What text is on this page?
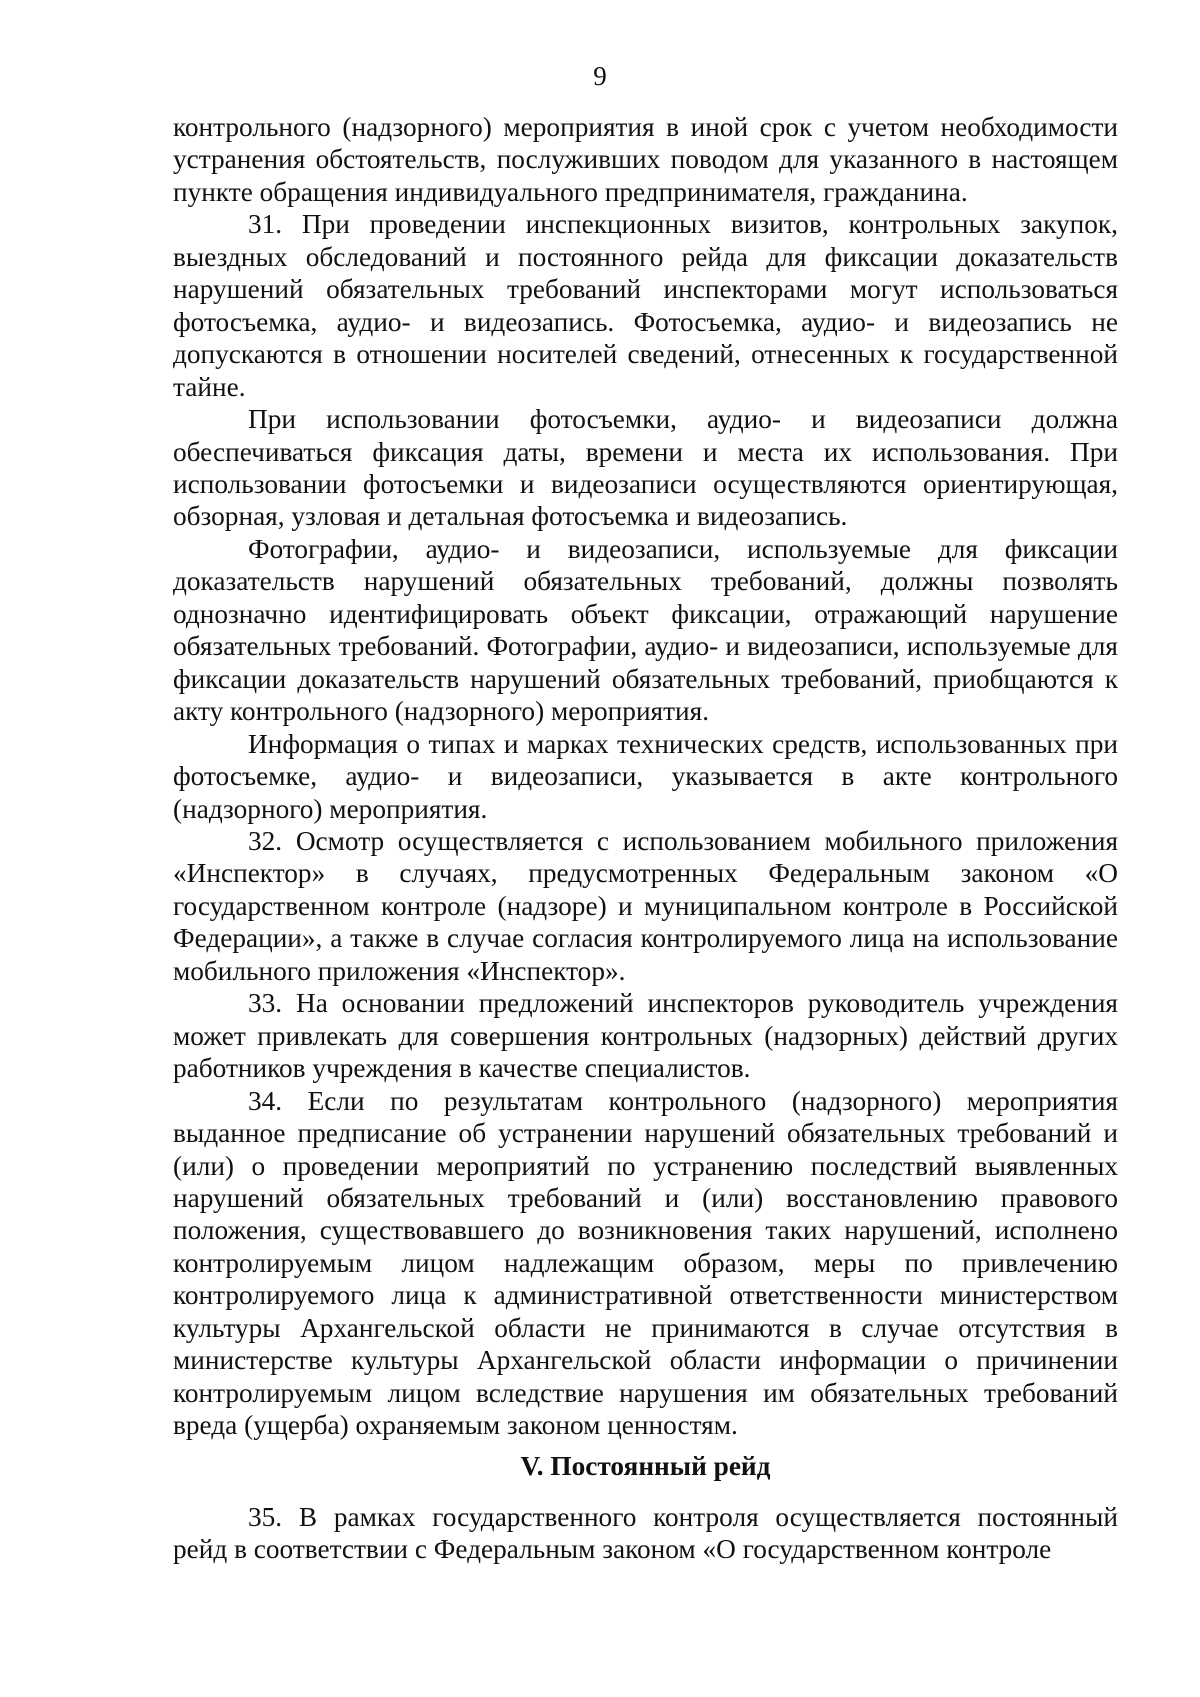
9

контрольного (надзорного) мероприятия в иной срок с учетом необходимости устранения обстоятельств, послуживших поводом для указанного в настоящем пункте обращения индивидуального предпринимателя, гражданина.

31. При проведении инспекционных визитов, контрольных закупок, выездных обследований и постоянного рейда для фиксации доказательств нарушений обязательных требований инспекторами могут использоваться фотосъемка, аудио- и видеозапись. Фотосъемка, аудио- и видеозапись не допускаются в отношении носителей сведений, отнесенных к государственной тайне.

При использовании фотосъемки, аудио- и видеозаписи должна обеспечиваться фиксация даты, времени и места их использования. При использовании фотосъемки и видеозаписи осуществляются ориентирующая, обзорная, узловая и детальная фотосъемка и видеозапись.

Фотографии, аудио- и видеозаписи, используемые для фиксации доказательств нарушений обязательных требований, должны позволять однозначно идентифицировать объект фиксации, отражающий нарушение обязательных требований. Фотографии, аудио- и видеозаписи, используемые для фиксации доказательств нарушений обязательных требований, приобщаются к акту контрольного (надзорного) мероприятия.

Информация о типах и марках технических средств, использованных при фотосъемке, аудио- и видеозаписи, указывается в акте контрольного (надзорного) мероприятия.

32. Осмотр осуществляется с использованием мобильного приложения «Инспектор» в случаях, предусмотренных Федеральным законом «О государственном контроле (надзоре) и муниципальном контроле в Российской Федерации», а также в случае согласия контролируемого лица на использование мобильного приложения «Инспектор».

33. На основании предложений инспекторов руководитель учреждения может привлекать для совершения контрольных (надзорных) действий других работников учреждения в качестве специалистов.

34. Если по результатам контрольного (надзорного) мероприятия выданное предписание об устранении нарушений обязательных требований и (или) о проведении мероприятий по устранению последствий выявленных нарушений обязательных требований и (или) восстановлению правового положения, существовавшего до возникновения таких нарушений, исполнено контролируемым лицом надлежащим образом, меры по привлечению контролируемого лица к административной ответственности министерством культуры Архангельской области не принимаются в случае отсутствия в министерстве культуры Архангельской области информации о причинении контролируемым лицом вследствие нарушения им обязательных требований вреда (ущерба) охраняемым законом ценностям.

V. Постоянный рейд

35. В рамках государственного контроля осуществляется постоянный рейд в соответствии с Федеральным законом «О государственном контроле
